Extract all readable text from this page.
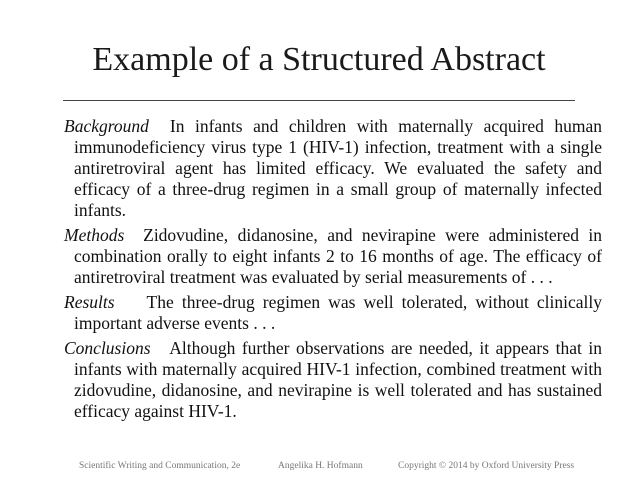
Example of a Structured Abstract

Background In infants and children with maternally acquired human immunodeficiency virus type 1 (HIV-1) infection, treatment with a single antiretroviral agent has limited efficacy. We evaluated the safety and efficacy of a three-drug regimen in a small group of maternally infected infants.

Methods Zidovudine, didanosine, and nevirapine were administered in combination orally to eight infants 2 to 16 months of age. The efficacy of antiretroviral treatment was evaluated by serial measurements of . . .

Results The three-drug regimen was well tolerated, without clinically important adverse events . . .

Conclusions Although further observations are needed, it appears that in infants with maternally acquired HIV-1 infection, combined treatment with zidovudine, didanosine, and nevirapine is well tolerated and has sustained efficacy against HIV-1.

Scientific Writing and Communication, 2e	Angelika H. Hofmann	Copyright © 2014 by Oxford University Press
